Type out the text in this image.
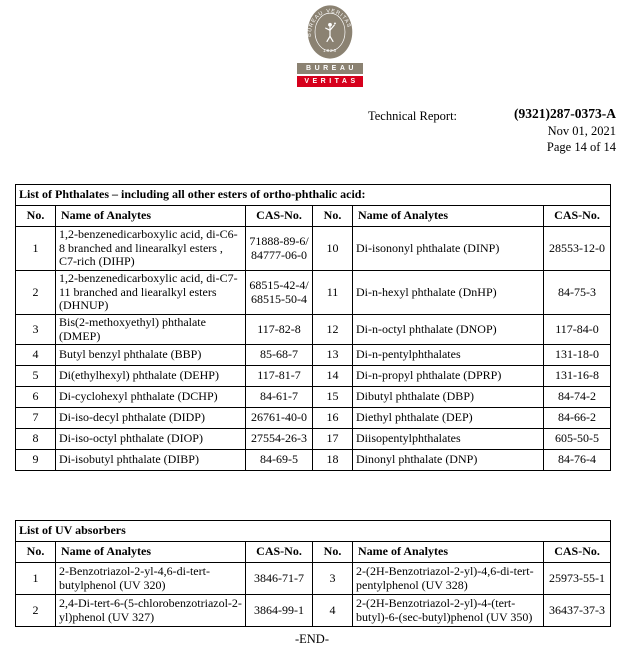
BUREAU VERITAS
1828
BUREAU
VERITAS
Technical Report:	(9321)287-0373-A
Nov 01, 2021
Page 14 of 14
List of Phthalates – including all other esters of ortho-phthalic acid:					
No.	Name of Analytes	CAS-No.	No.	Name of Analytes	CAS-No.
1	1,2-benzenedicarboxylic acid, di-C6-8 branched and linearalkyl esters , C7-rich (DIHP)	71888-89-6/ 84777-06-0	10	Di-isononyl phthalate (DINP)	28553-12-0
2	1,2-benzenedicarboxylic acid, di-C7-11 branched and liearalkyl esters (DHNUP)	68515-42-4/ 68515-50-4	11	Di-n-hexyl phthalate (DnHP)	84-75-3
3	Bis(2-methoxyethyl) phthalate (DMEP)	117-82-8	12	Di-n-octyl phthalate (DNOP)	117-84-0
4	Butyl benzyl phthalate (BBP)	85-68-7	13	Di-n-pentylphthalates	131-18-0
5	Di(ethylhexyl) phthalate (DEHP)	117-81-7	14	Di-n-propyl phthalate (DPRP)	131-16-8
6	Di-cyclohexyl phthalate (DCHP)	84-61-7	15	Dibutyl phthalate (DBP)	84-74-2
7	Di-iso-decyl phthalate (DIDP)	26761-40-0	16	Diethyl phthalate (DEP)	84-66-2
8	Di-iso-octyl phthalate (DIOP)	27554-26-3	17	Diisopentylphthalates	605-50-5
9	Di-isobutyl phthalate (DIBP)	84-69-5	18	Dinonyl phthalate (DNP)	84-76-4
List of UV absorbers					
No.	Name of Analytes	CAS-No.	No.	Name of Analytes	CAS-No.
1	2-Benzotriazol-2-yl-4,6-di-tert-butylphenol (UV 320)	3846-71-7	3	2-(2H-Benzotriazol-2-yl)-4,6-di-tert-pentylphenol (UV 328)	25973-55-1
2	2,4-Di-tert-6-(5-chlorobenzotriazol-2-yl)phenol (UV 327)	3864-99-1	4	2-(2H-Benzotriazol-2-yl)-4-(tert-butyl)-6-(sec-butyl)phenol (UV 350)	36437-37-3
-END-
